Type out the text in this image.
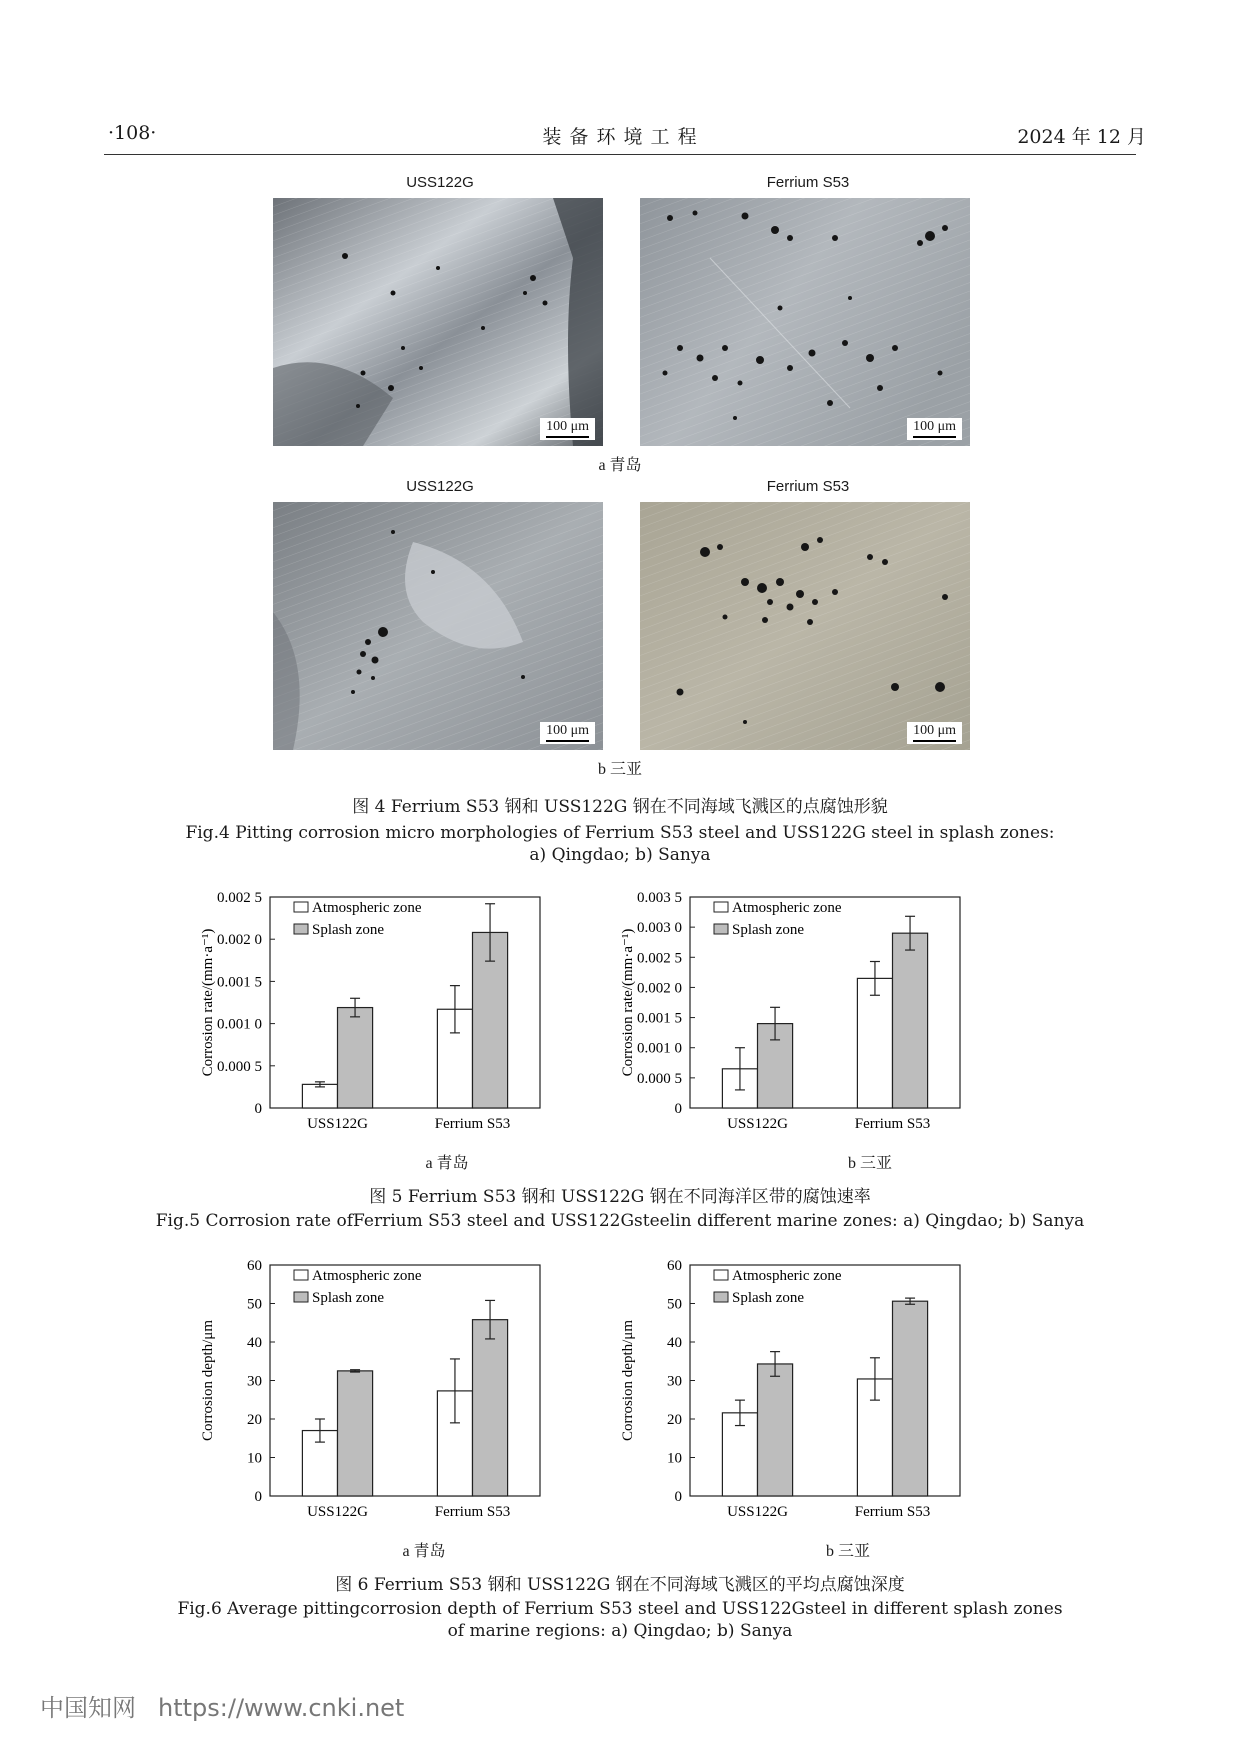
·108·	装 备 环 境 工 程	2024 年 12 月
USS122G	Ferrium S53
100 μm	100 μm
a 青岛
USS122G	Ferrium S53
100 μm	100 μm
b 三亚
图 4 Ferrium S53 钢和 USS122G 钢在不同海域飞溅区的点腐蚀形貌
Fig.4 Pitting corrosion micro morphologies of Ferrium S53 steel and USS122G steel in splash zones:
a) Qingdao; b) Sanya
0
0.000 5
0.001 0
0.001 5
0.002 0
0.002 5
Corrosion rate/(mm·a⁻¹)
USS122G	Ferrium S53
Atmospheric zone
Splash zone
0
0.000 5
0.001 0
0.001 5
0.002 0
0.002 5
0.003 0
0.003 5
Corrosion rate/(mm·a⁻¹)
USS122G	Ferrium S53
Atmospheric zone
Splash zone
a 青岛	b 三亚
图 5 Ferrium S53 钢和 USS122G 钢在不同海洋区带的腐蚀速率
Fig.5 Corrosion rate ofFerrium S53 steel and USS122Gsteelin different marine zones: a) Qingdao; b) Sanya
0
10
20
30
40
50
60
Corrosion depth/μm
USS122G	Ferrium S53
Atmospheric zone
Splash zone
0
10
20
30
40
50
60
Corrosion depth/μm
USS122G	Ferrium S53
Atmospheric zone
Splash zone
a 青岛	b 三亚
图 6 Ferrium S53 钢和 USS122G 钢在不同海域飞溅区的平均点腐蚀深度
Fig.6 Average pittingcorrosion depth of Ferrium S53 steel and USS122Gsteel in different splash zones
of marine regions: a) Qingdao; b) Sanya
中国知网 https://www.cnki.net
